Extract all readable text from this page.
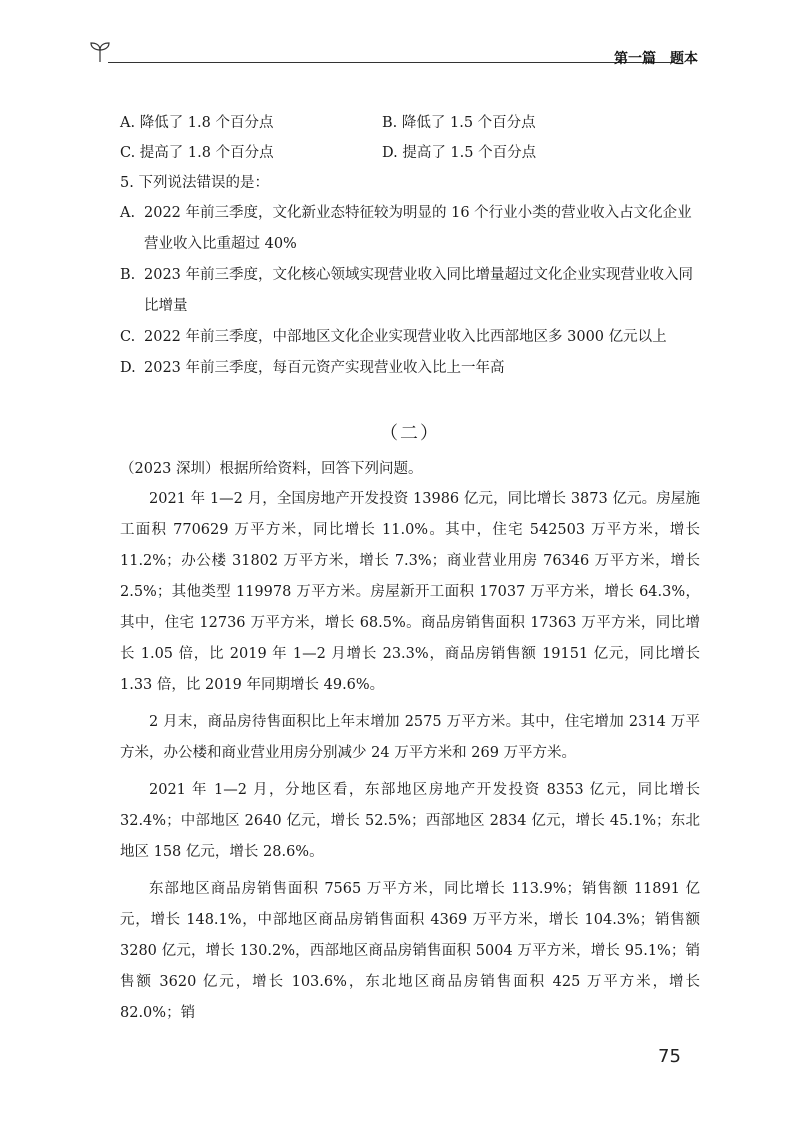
第一篇　题本
A. 降低了 1.8 个百分点	B. 降低了 1.5 个百分点
C. 提高了 1.8 个百分点	D. 提高了 1.5 个百分点
5. 下列说法错误的是：
A. 2022 年前三季度，文化新业态特征较为明显的 16 个行业小类的营业收入占文化企业营业收入比重超过 40%

B. 2023 年前三季度，文化核心领域实现营业收入同比增量超过文化企业实现营业收入同比增量

C. 2022 年前三季度，中部地区文化企业实现营业收入比西部地区多 3000 亿元以上

D. 2023 年前三季度，每百元资产实现营业收入比上一年高

（二）
（2023 深圳）根据所给资料，回答下列问题。

2021 年 1—2 月，全国房地产开发投资 13986 亿元，同比增长 3873 亿元。房屋施工面积 770629 万平方米，同比增长 11.0%。其中，住宅 542503 万平方米，增长 11.2%；办公楼 31802 万平方米，增长 7.3%；商业营业用房 76346 万平方米，增长 2.5%；其他类型 119978 万平方米。房屋新开工面积 17037 万平方米，增长 64.3%，其中，住宅 12736 万平方米，增长 68.5%。商品房销售面积 17363 万平方米，同比增长 1.05 倍，比 2019 年 1—2 月增长 23.3%，商品房销售额 19151 亿元，同比增长 1.33 倍，比 2019 年同期增长 49.6%。

2 月末，商品房待售面积比上年末增加 2575 万平方米。其中，住宅增加 2314 万平方米，办公楼和商业营业用房分别减少 24 万平方米和 269 万平方米。

2021 年 1—2 月，分地区看，东部地区房地产开发投资 8353 亿元，同比增长 32.4%；中部地区 2640 亿元，增长 52.5%；西部地区 2834 亿元，增长 45.1%；东北地区 158 亿元，增长 28.6%。

东部地区商品房销售面积 7565 万平方米，同比增长 113.9%；销售额 11891 亿元，增长 148.1%，中部地区商品房销售面积 4369 万平方米，增长 104.3%；销售额 3280 亿元，增长 130.2%，西部地区商品房销售面积 5004 万平方米，增长 95.1%；销售额 3620 亿元，增长 103.6%，东北地区商品房销售面积 425 万平方米，增长 82.0%；销

75
